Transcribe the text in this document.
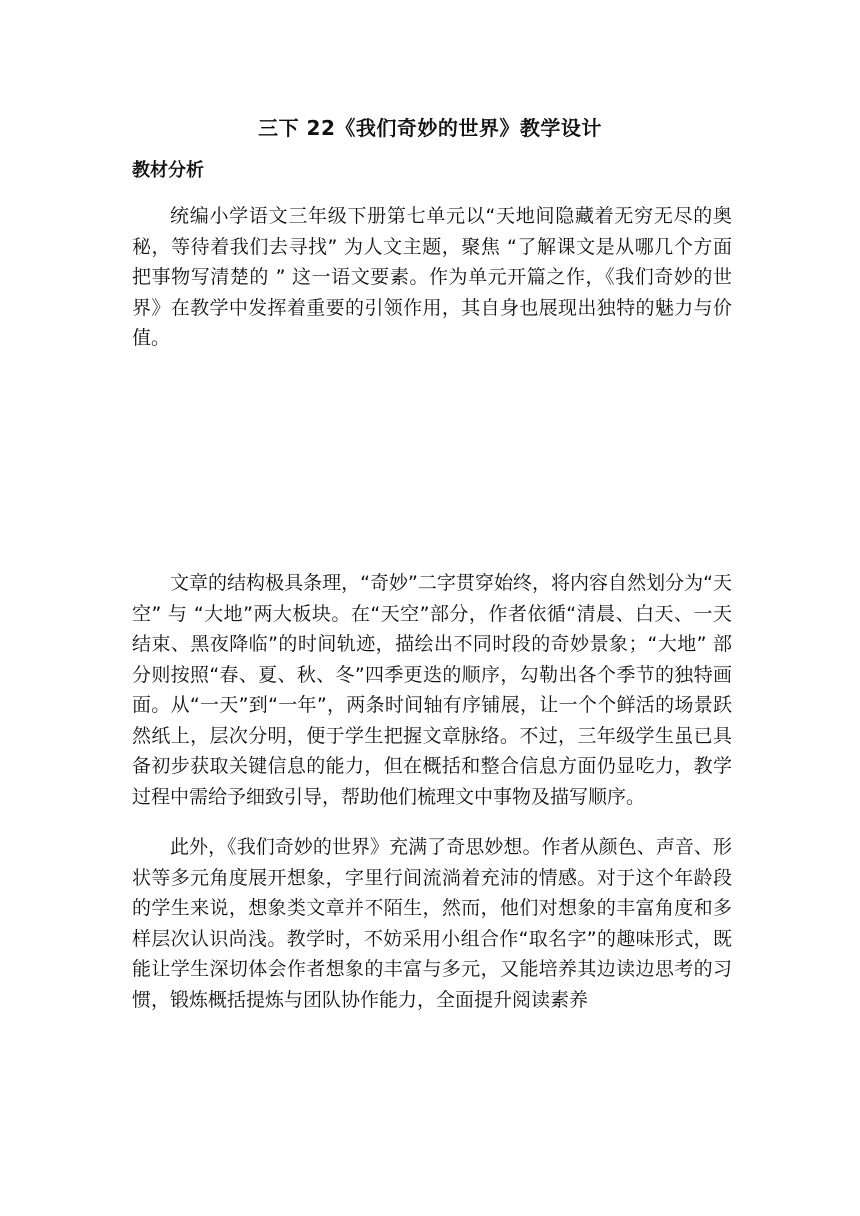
三下 22《我们奇妙的世界》教学设计
教材分析

统编小学语文三年级下册第七单元以“天地间隐藏着无穷无尽的奥秘，等待着我们去寻找” 为人文主题，聚焦 “了解课文是从哪几个方面把事物写清楚的 ” 这一语文要素。作为单元开篇之作，《我们奇妙的世界》在教学中发挥着重要的引领作用，其自身也展现出独特的魅力与价值。

文章的结构极具条理，“奇妙”二字贯穿始终，将内容自然划分为“天空” 与 “大地”两大板块。在“天空”部分，作者依循“清晨、白天、一天结束、黑夜降临”的时间轨迹，描绘出不同时段的奇妙景象；“大地” 部分则按照“春、夏、秋、冬”四季更迭的顺序，勾勒出各个季节的独特画面。从“一天”到“一年”，两条时间轴有序铺展，让一个个鲜活的场景跃然纸上，层次分明，便于学生把握文章脉络。不过，三年级学生虽已具备初步获取关键信息的能力，但在概括和整合信息方面仍显吃力，教学过程中需给予细致引导，帮助他们梳理文中事物及描写顺序。

此外，《我们奇妙的世界》充满了奇思妙想。作者从颜色、声音、形状等多元角度展开想象，字里行间流淌着充沛的情感。对于这个年龄段的学生来说，想象类文章并不陌生，然而，他们对想象的丰富角度和多样层次认识尚浅。教学时，不妨采用小组合作“取名字”的趣味形式，既能让学生深切体会作者想象的丰富与多元，又能培养其边读边思考的习惯，锻炼概括提炼与团队协作能力，全面提升阅读素养
